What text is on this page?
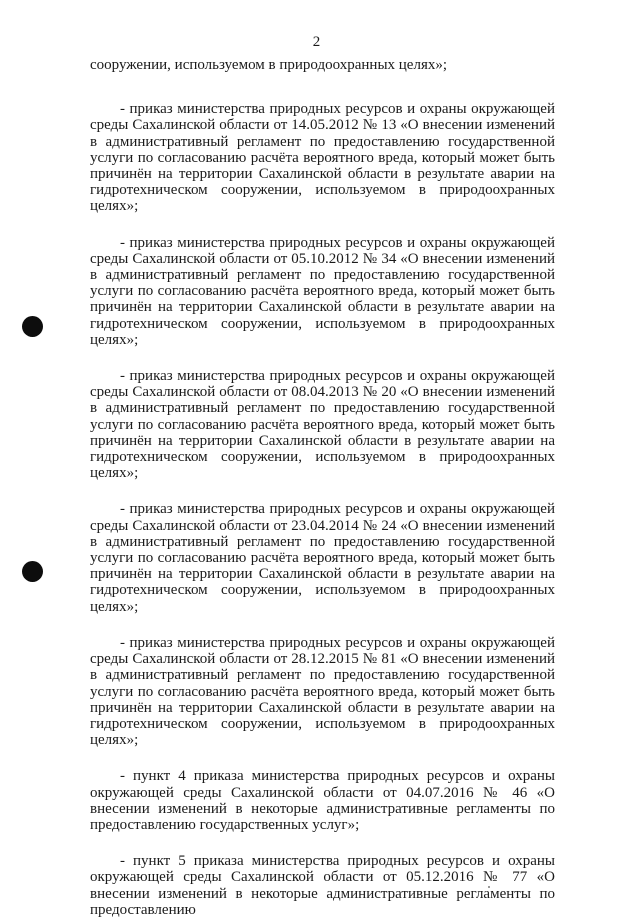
2

сооружении, используемом в природоохранных целях»;

- приказ министерства природных ресурсов и охраны окружающей среды Сахалинской области от 14.05.2012 № 13 «О внесении изменений в административный регламент по предоставлению государственной услуги по согласованию расчёта вероятного вреда, который может быть причинён на территории Сахалинской области в результате аварии на гидротехническом сооружении, используемом в природоохранных целях»;

- приказ министерства природных ресурсов и охраны окружающей среды Сахалинской области от 05.10.2012 № 34 «О внесении изменений в административный регламент по предоставлению государственной услуги по согласованию расчёта вероятного вреда, который может быть причинён на территории Сахалинской области в результате аварии на гидротехническом сооружении, используемом в природоохранных целях»;

- приказ министерства природных ресурсов и охраны окружающей среды Сахалинской области от 08.04.2013 № 20 «О внесении изменений в административный регламент по предоставлению государственной услуги по согласованию расчёта вероятного вреда, который может быть причинён на территории Сахалинской области в результате аварии на гидротехническом сооружении, используемом в природоохранных целях»;

- приказ министерства природных ресурсов и охраны окружающей среды Сахалинской области от 23.04.2014 № 24 «О внесении изменений в административный регламент по предоставлению государственной услуги по согласованию расчёта вероятного вреда, который может быть причинён на территории Сахалинской области в результате аварии на гидротехническом сооружении, используемом в природоохранных целях»;

- приказ министерства природных ресурсов и охраны окружающей среды Сахалинской области от 28.12.2015 № 81 «О внесении изменений в административный регламент по предоставлению государственной услуги по согласованию расчёта вероятного вреда, который может быть причинён на территории Сахалинской области в результате аварии на гидротехническом сооружении, используемом в природоохранных целях»;

- пункт 4 приказа министерства природных ресурсов и охраны окружающей среды Сахалинской области от 04.07.2016 № 46 «О внесении изменений в некоторые административные регламенты по предоставлению государственных услуг»;

- пункт 5 приказа министерства природных ресурсов и охраны окружающей среды Сахалинской области от 05.12.2016 № 77 «О внесении изменений в некоторые административные регламенты по предоставлению
